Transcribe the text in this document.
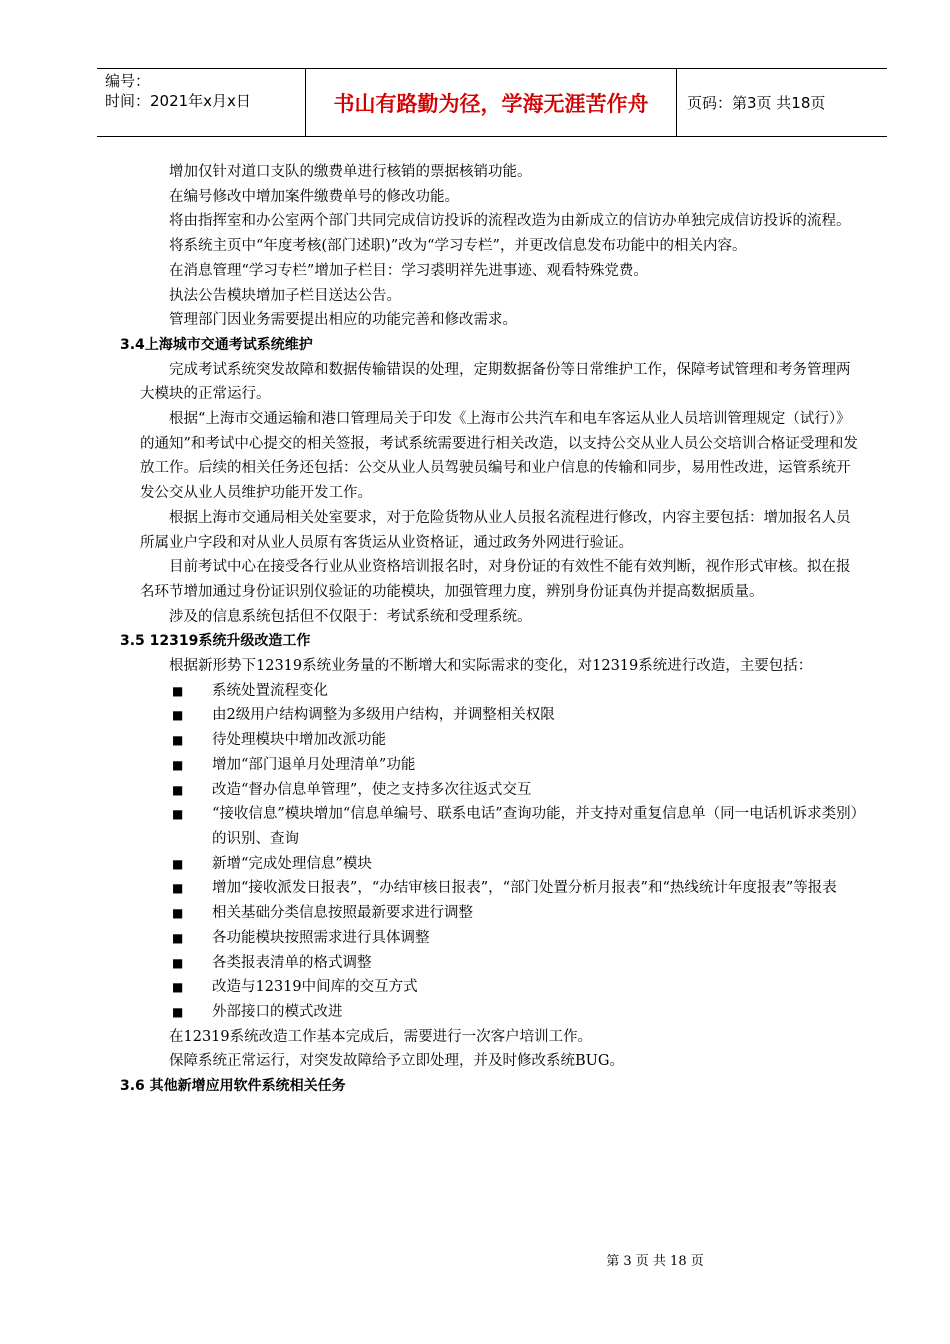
编号：
时间：2021年x月x日	书山有路勤为径，学海无涯苦作舟	页码：第3页 共18页

增加仅针对道口支队的缴费单进行核销的票据核销功能。

在编号修改中增加案件缴费单号的修改功能。

将由指挥室和办公室两个部门共同完成信访投诉的流程改造为由新成立的信访办单独完成信访投诉的流程。

将系统主页中“年度考核(部门述职)”改为“学习专栏”，并更改信息发布功能中的相关内容。

在消息管理“学习专栏”增加子栏目：学习裘明祥先进事迹、观看特殊党费。

执法公告模块增加子栏目送达公告。

管理部门因业务需要提出相应的功能完善和修改需求。

3.4上海城市交通考试系统维护

完成考试系统突发故障和数据传输错误的处理，定期数据备份等日常维护工作，保障考试管理和考务管理两大模块的正常运行。

根据“上海市交通运输和港口管理局关于印发《上海市公共汽车和电车客运从业人员培训管理规定（试行）》的通知”和考试中心提交的相关签报，考试系统需要进行相关改造，以支持公交从业人员公交培训合格证受理和发放工作。后续的相关任务还包括：公交从业人员驾驶员编号和业户信息的传输和同步，易用性改进，运管系统开发公交从业人员维护功能开发工作。

根据上海市交通局相关处室要求，对于危险货物从业人员报名流程进行修改，内容主要包括：增加报名人员所属业户字段和对从业人员原有客货运从业资格证，通过政务外网进行验证。

目前考试中心在接受各行业从业资格培训报名时，对身份证的有效性不能有效判断，视作形式审核。拟在报名环节增加通过身份证识别仪验证的功能模块，加强管理力度，辨别身份证真伪并提高数据质量。

涉及的信息系统包括但不仅限于：考试系统和受理系统。

3.5 12319系统升级改造工作

根据新形势下12319系统业务量的不断增大和实际需求的变化，对12319系统进行改造，主要包括：

■	系统处置流程变化
■	由2级用户结构调整为多级用户结构，并调整相关权限
■	待处理模块中增加改派功能
■	增加“部门退单月处理清单”功能
■	改造“督办信息单管理”，使之支持多次往返式交互
■	“接收信息”模块增加“信息单编号、联系电话”查询功能，并支持对重复信息单（同一电话机诉求类别）的识别、查询
■	新增“完成处理信息”模块
■	增加“接收派发日报表”，“办结审核日报表”，“部门处置分析月报表”和“热线统计年度报表”等报表
■	相关基础分类信息按照最新要求进行调整
■	各功能模块按照需求进行具体调整
■	各类报表清单的格式调整
■	改造与12319中间库的交互方式
■	外部接口的模式改进

在12319系统改造工作基本完成后，需要进行一次客户培训工作。

保障系统正常运行，对突发故障给予立即处理，并及时修改系统BUG。

3.6 其他新增应用软件系统相关任务

第 3 页 共 18 页
